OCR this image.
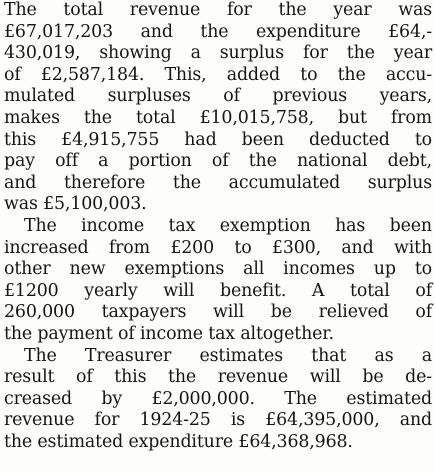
The total revenue for the year was
£67,017,203 and the expenditure £64,-
430,019, showing a surplus for the year
of £2,587,184. This, added to the accu-
mulated surpluses of previous years,
makes the total £10,015,758, but from
this £4,915,755 had been deducted to
pay off a portion of the national debt,
and therefore the accumulated surplus
was £5,100,003.
The income tax exemption has been
increased from £200 to £300, and with
other new exemptions all incomes up to
£1200 yearly will benefit. A total of
260,000 taxpayers will be relieved of
the payment of income tax altogether.
The Treasurer estimates that as a
result of this the revenue will be de-
creased by £2,000,000. The estimated
revenue for 1924-25 is £64,395,000, and
the estimated expenditure £64,368,968.
